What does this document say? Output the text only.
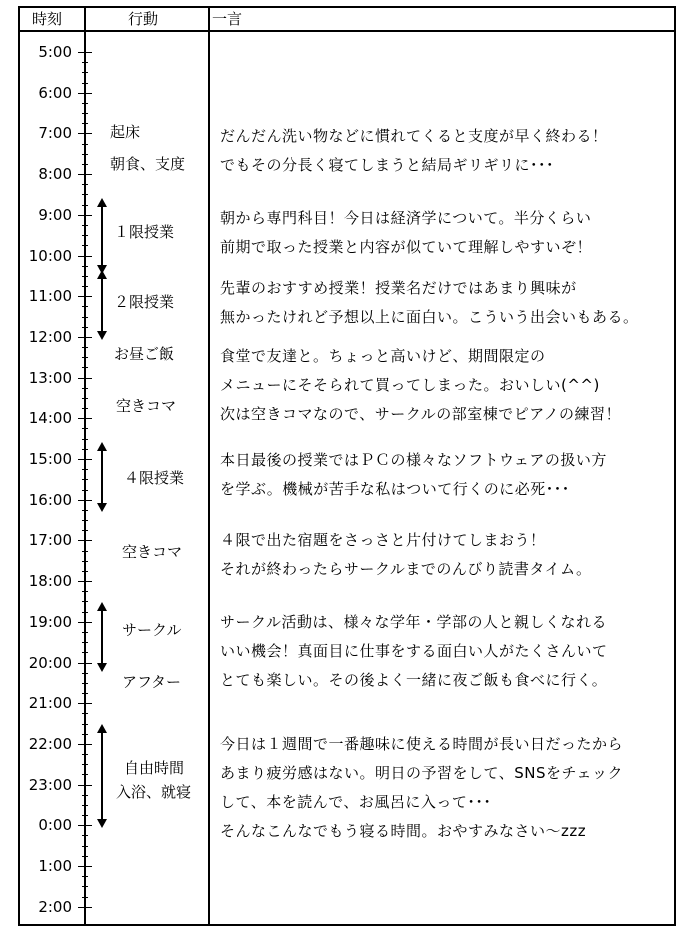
時刻	行動	一言
5:00
6:00
7:00
8:00
9:00
10:00
11:00
12:00
13:00
14:00
15:00
16:00
17:00
18:00
19:00
20:00
21:00
22:00
23:00
0:00
1:00
2:00
起床
朝食、支度
１限授業
２限授業
お昼ご飯
空きコマ
４限授業
空きコマ
サークル
アフター
自由時間
入浴、就寝
だんだん洗い物などに慣れてくると支度が早く終わる！
でもその分長く寝てしまうと結局ギリギリに･･･
朝から専門科目！今日は経済学について。半分くらい
前期で取った授業と内容が似ていて理解しやすいぞ！
先輩のおすすめ授業！授業名だけではあまり興味が
無かったけれど予想以上に面白い。こういう出会いもある。
食堂で友達と。ちょっと高いけど、期間限定の
メニューにそそられて買ってしまった。おいしい(^^)
次は空きコマなので、サークルの部室棟でピアノの練習！
本日最後の授業ではＰＣの様々なソフトウェアの扱い方
を学ぶ。機械が苦手な私はついて行くのに必死･･･
４限で出た宿題をさっさと片付けてしまおう！
それが終わったらサークルまでのんびり読書タイム。
サークル活動は、様々な学年・学部の人と親しくなれる
いい機会！真面目に仕事をする面白い人がたくさんいて
とても楽しい。その後よく一緒に夜ご飯も食べに行く。
今日は１週間で一番趣味に使える時間が長い日だったから
あまり疲労感はない。明日の予習をして、SNSをチェック
して、本を読んで、お風呂に入って･･･
そんなこんなでもう寝る時間。おやすみなさい～zzz
